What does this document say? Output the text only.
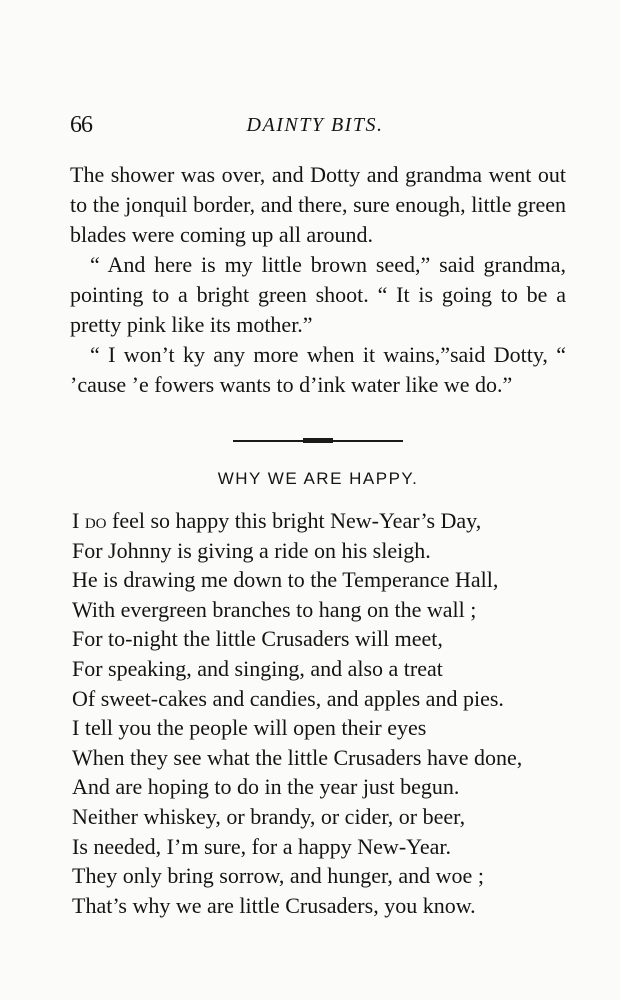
66	DAINTY BITS.

The shower was over, and Dotty and grandma went out to the jonquil border, and there, sure enough, little green blades were coming up all around.

“ And here is my little brown seed,” said grandma, pointing to a bright green shoot. “ It is going to be a pretty pink like its mother.”

“ I won’t ky any more when it wains,”said Dotty, “ ’cause ’e fowers wants to d’ink water like we do.”

WHY WE ARE HAPPY.
I do feel so happy this bright New-Year’s Day,
For Johnny is giving a ride on his sleigh.
He is drawing me down to the Temperance Hall,
With evergreen branches to hang on the wall ;
For to-night the little Crusaders will meet,
For speaking, and singing, and also a treat
Of sweet-cakes and candies, and apples and pies.
I tell you the people will open their eyes
When they see what the little Crusaders have done,
And are hoping to do in the year just begun.
Neither whiskey, or brandy, or cider, or beer,
Is needed, I’m sure, for a happy New-Year.
They only bring sorrow, and hunger, and woe ;
That’s why we are little Crusaders, you know.
